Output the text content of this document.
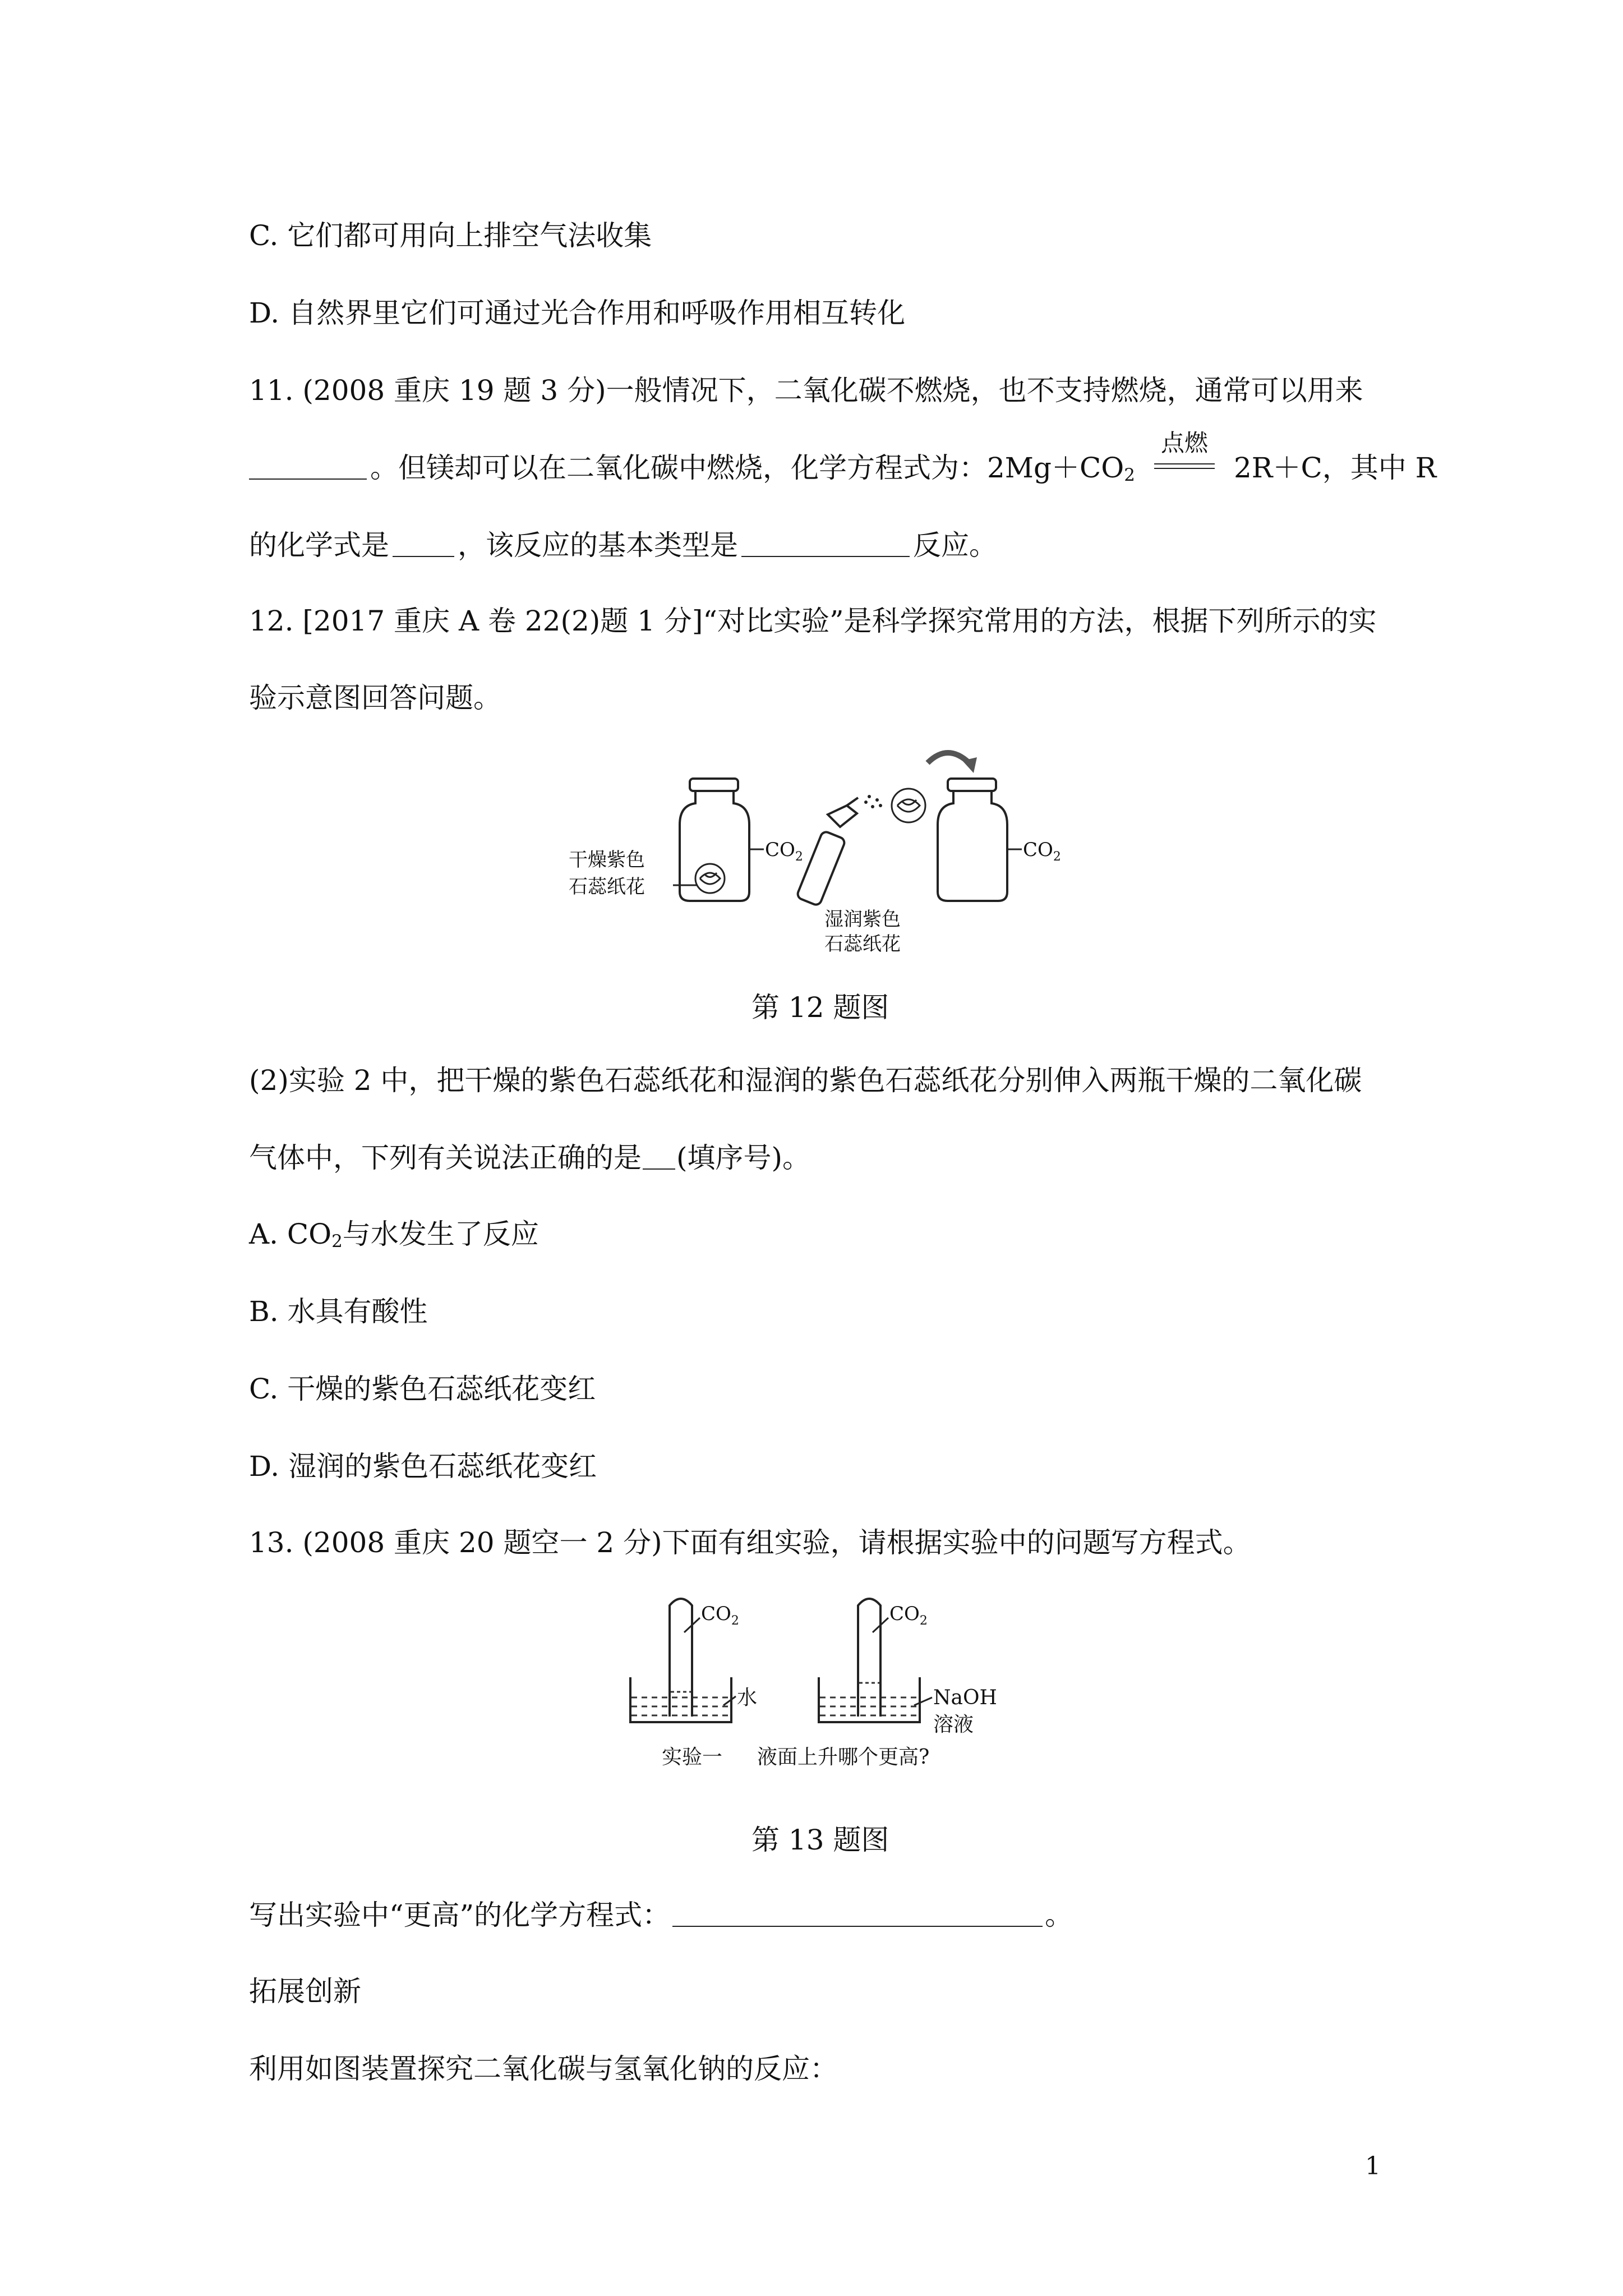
C. 它们都可用向上排空气法收集
D. 自然界里它们可通过光合作用和呼吸作用相互转化
11. (2008 重庆 19 题 3 分)一般情况下，二氧化碳不燃烧，也不支持燃烧，通常可以用来
。但镁却可以在二氧化碳中燃烧，化学方程式为：$2Mg+CO_2$
点燃
2R＋C，其中 R
的化学式是 ，该反应的基本类型是	反应。
12. [2017 重庆 A 卷 22(2)题 1 分]“对比实验”是科学探究常用的方法，根据下列所示的实
验示意图回答问题。
$CO_2$
干燥紫色
石蕊纸花
湿润紫色
石蕊纸花
$CO_2$
第 12 题图
(2)实验 2 中，把干燥的紫色石蕊纸花和湿润的紫色石蕊纸花分别伸入两瓶干燥的二氧化碳
气体中，下列有关说法正确的是 (填序号)。
A. $CO_2$与水发生了反应
B. 水具有酸性
C. 干燥的紫色石蕊纸花变红
D. 湿润的紫色石蕊纸花变红
13. (2008 重庆 20 题空一 2 分)下面有组实验，请根据实验中的问题写方程式。
$CO_2$
水
$CO_2$
NaOH
溶液
实验一 液面上升哪个更高?
第 13 题图
写出实验中“更高”的化学方程式：	。
拓展创新
利用如图装置探究二氧化碳与氢氧化钠的反应：
1
